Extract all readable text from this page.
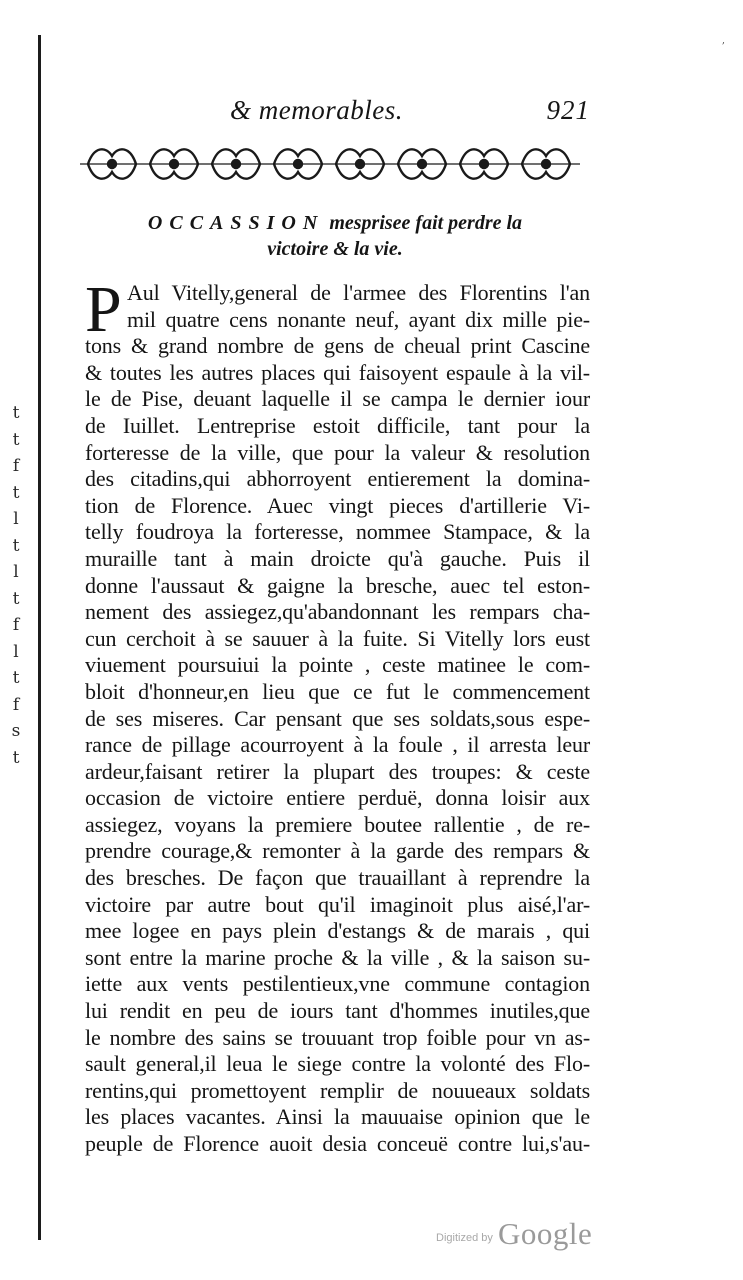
,
t
t
f
t
l
t
l
t
f
l
t
f
s
t
& memorables.	921
OCCASSION mesprisee fait perdre la
victoire & la vie.
P Aul Vitelly,general de l'armee des Florentins l'an
mil quatre cens nonante neuf, ayant dix mille pie-
tons & grand nombre de gens de cheual print Cascine
& toutes les autres places qui faisoyent espaule à la vil-
le de Pise, deuant laquelle il se campa le dernier iour
de Iuillet. Lentreprise estoit difficile, tant pour la
forteresse de la ville, que pour la valeur & resolution
des citadins,qui abhorroyent entierement la domina-
tion de Florence. Auec vingt pieces d'artillerie Vi-
telly foudroya la forteresse, nommee Stampace, & la
muraille tant à main droicte qu'à gauche. Puis il
donne l'aussaut & gaigne la bresche, auec tel eston-
nement des assiegez,qu'abandonnant les rempars cha-
cun cerchoit à se sauuer à la fuite. Si Vitelly lors eust
viuement poursuiui la pointe , ceste matinee le com-
bloit d'honneur,en lieu que ce fut le commencement
de ses miseres. Car pensant que ses soldats,sous espe-
rance de pillage acourroyent à la foule , il arresta leur
ardeur,faisant retirer la plupart des troupes: & ceste
occasion de victoire entiere perduë, donna loisir aux
assiegez, voyans la premiere boutee rallentie , de re-
prendre courage,& remonter à la garde des rempars &
des bresches. De façon que trauaillant à reprendre la
victoire par autre bout qu'il imaginoit plus aisé,l'ar-
mee logee en pays plein d'estangs & de marais , qui
sont entre la marine proche & la ville , & la saison su-
iette aux vents pestilentieux,vne commune contagion
lui rendit en peu de iours tant d'hommes inutiles,que
le nombre des sains se trouuant trop foible pour vn as-
sault general,il leua le siege contre la volonté des Flo-
rentins,qui promettoyent remplir de nouueaux soldats
les places vacantes. Ainsi la mauuaise opinion que le
peuple de Florence auoit desia conceuë contre lui,s'au-
Digitized by Google
